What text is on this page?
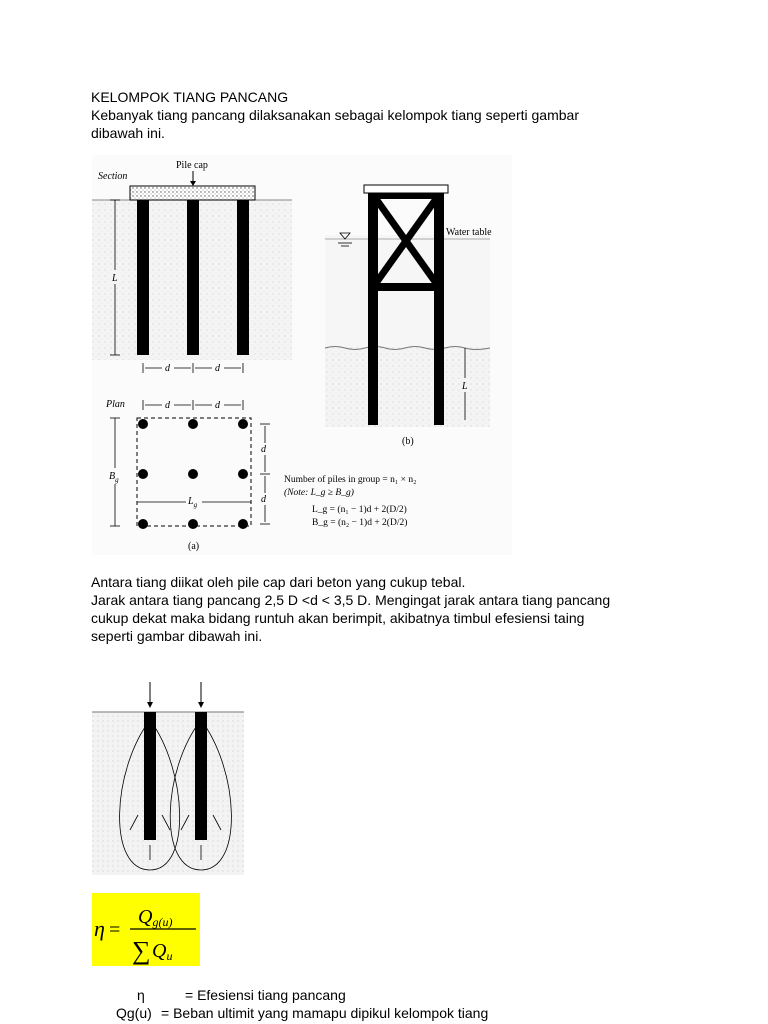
KELOMPOK TIANG PANCANG
Kebanyak tiang pancang dilaksanakan sebagai kelompok tiang seperti gambar
dibawah ini.
Pile cap
Section
L
d	d
Plan	d	d
$B_g$
$L_g$
d
d
(a)
Number of piles in group = n₁ × n₂
(Note: L_g ≥ B_g)
L_g = (n₁ − 1)d + 2(D/2)
B_g = (n₂ − 1)d + 2(D/2)
Water table
L
(b)
Antara tiang diikat oleh pile cap dari beton yang cukup tebal.
Jarak antara tiang pancang 2,5 D <d < 3,5 D. Mengingat jarak antara tiang pancang
cukup dekat maka bidang runtuh akan berimpit, akibatnya timbul efesiensi taing
seperti gambar dibawah ini.
η =
Qg(u)
∑ Qu
η	= Efesiensi tiang pancang
Qg(u) = Beban ultimit yang mamapu dipikul kelompok tiang
